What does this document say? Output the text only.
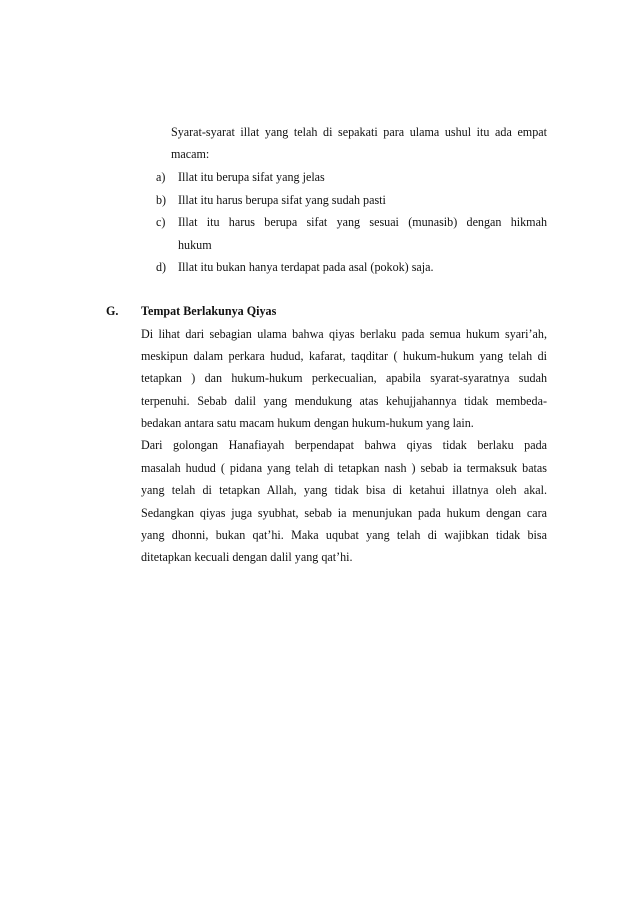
Syarat-syarat illat yang telah di sepakati para ulama ushul itu ada empat

macam:

a) Illat itu berupa sifat yang jelas

b) Illat itu harus berupa sifat yang sudah pasti

c) Illat itu harus berupa sifat yang sesuai (munasib) dengan hikmah

hukum

d) Illat itu bukan hanya terdapat pada asal (pokok) saja.

G. Tempat Berlakunya Qiyas

Di lihat dari sebagian ulama bahwa qiyas berlaku pada semua hukum syari’ah,

meskipun dalam perkara hudud, kafarat, taqditar ( hukum-hukum yang telah di

tetapkan ) dan hukum-hukum perkecualian, apabila syarat-syaratnya sudah

terpenuhi. Sebab dalil yang mendukung atas kehujjahannya tidak membeda-

bedakan antara satu macam hukum dengan hukum-hukum yang lain.

Dari golongan Hanafiayah berpendapat bahwa qiyas tidak berlaku pada

masalah hudud ( pidana yang telah di tetapkan nash ) sebab ia termaksuk batas

yang telah di tetapkan Allah, yang tidak bisa di ketahui illatnya oleh akal.

Sedangkan qiyas juga syubhat, sebab ia menunjukan pada hukum dengan cara

yang dhonni, bukan qat’hi. Maka uqubat yang telah di wajibkan tidak bisa

ditetapkan kecuali dengan dalil yang qat’hi.
